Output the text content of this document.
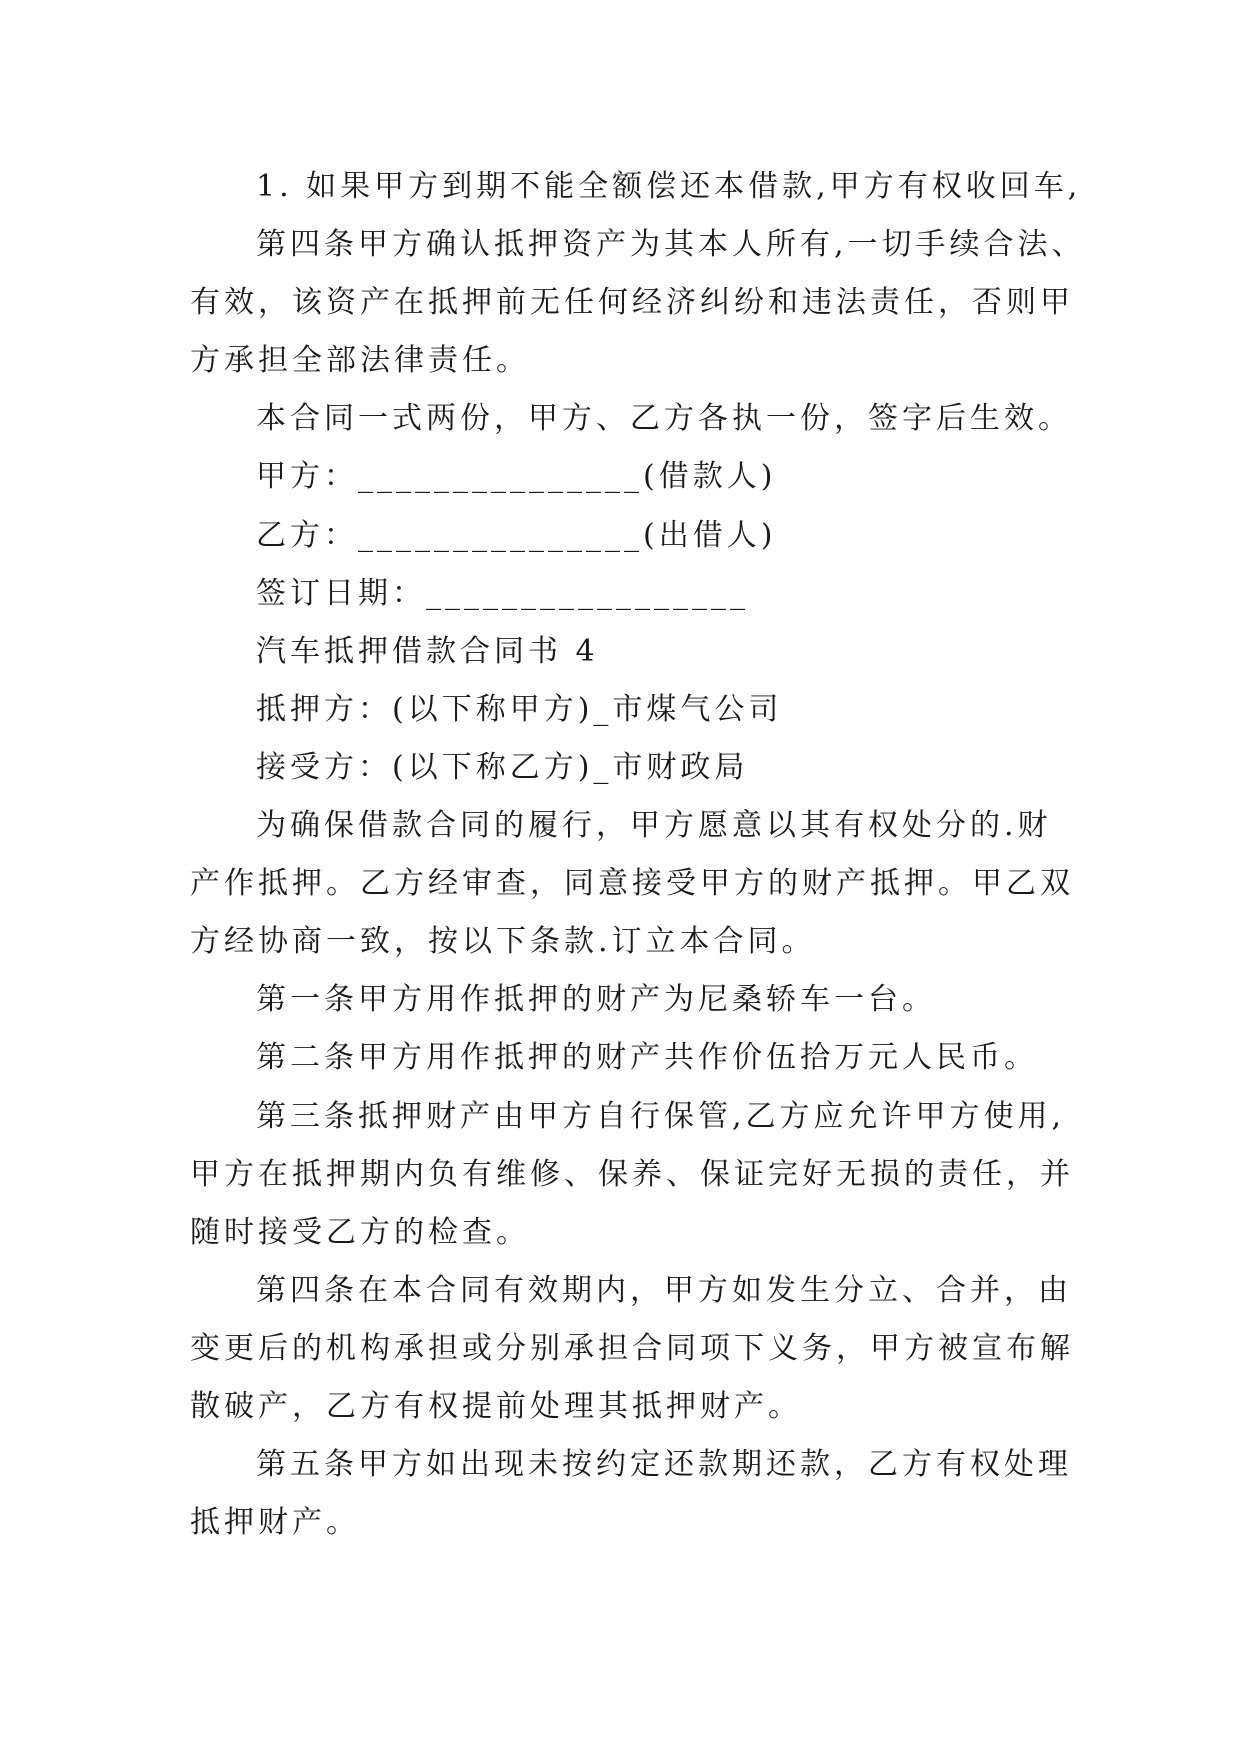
1. 如果甲方到期不能全额偿还本借款,甲方有权收回车,
第四条甲方确认抵押资产为其本人所有,一切手续合法、
有效，该资产在抵押前无任何经济纠纷和违法责任，否则甲
方承担全部法律责任。
本合同一式两份，甲方、乙方各执一份，签字后生效。
甲方：_______________(借款人)
乙方：_______________(出借人)
签订日期：_________________
汽车抵押借款合同书 4
抵押方：(以下称甲方)_市煤气公司
接受方：(以下称乙方)_市财政局
为确保借款合同的履行，甲方愿意以其有权处分的.财
产作抵押。乙方经审查，同意接受甲方的财产抵押。甲乙双
方经协商一致，按以下条款.订立本合同。
第一条甲方用作抵押的财产为尼桑轿车一台。
第二条甲方用作抵押的财产共作价伍拾万元人民币。
第三条抵押财产由甲方自行保管,乙方应允许甲方使用,
甲方在抵押期内负有维修、保养、保证完好无损的责任，并
随时接受乙方的检查。
第四条在本合同有效期内，甲方如发生分立、合并，由
变更后的机构承担或分别承担合同项下义务，甲方被宣布解
散破产，乙方有权提前处理其抵押财产。
第五条甲方如出现未按约定还款期还款，乙方有权处理
抵押财产。
